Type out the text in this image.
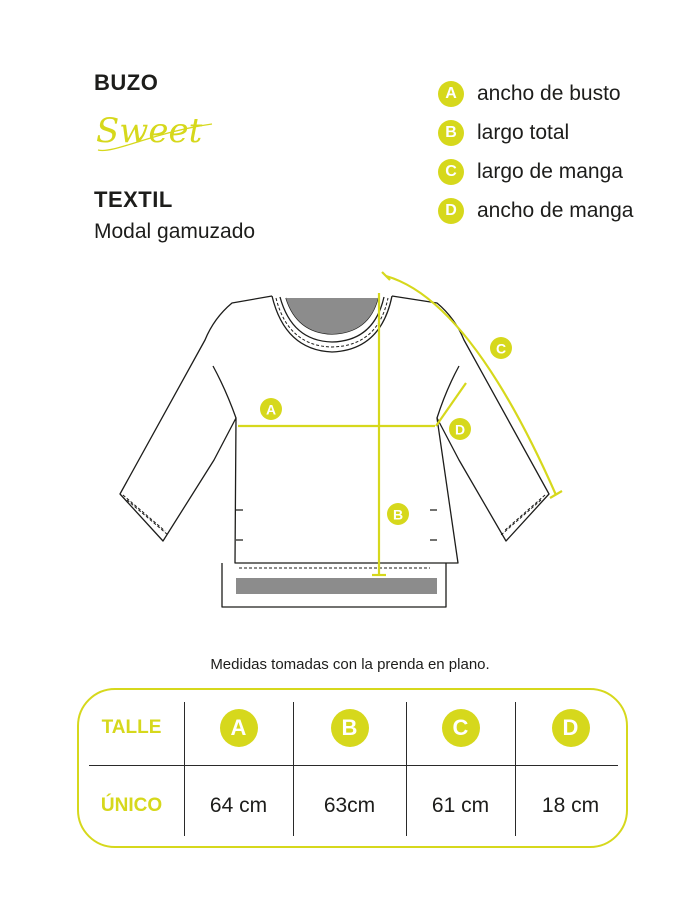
BUZO
Sweet
TEXTIL
Modal gamuzado
A ancho de busto
B largo total
C largo de manga
D ancho de manga
A
B
C
D
Medidas tomadas con la prenda en plano.
TALLE	A	B	C	D
ÚNICO	64 cm	63cm	61 cm	18 cm
